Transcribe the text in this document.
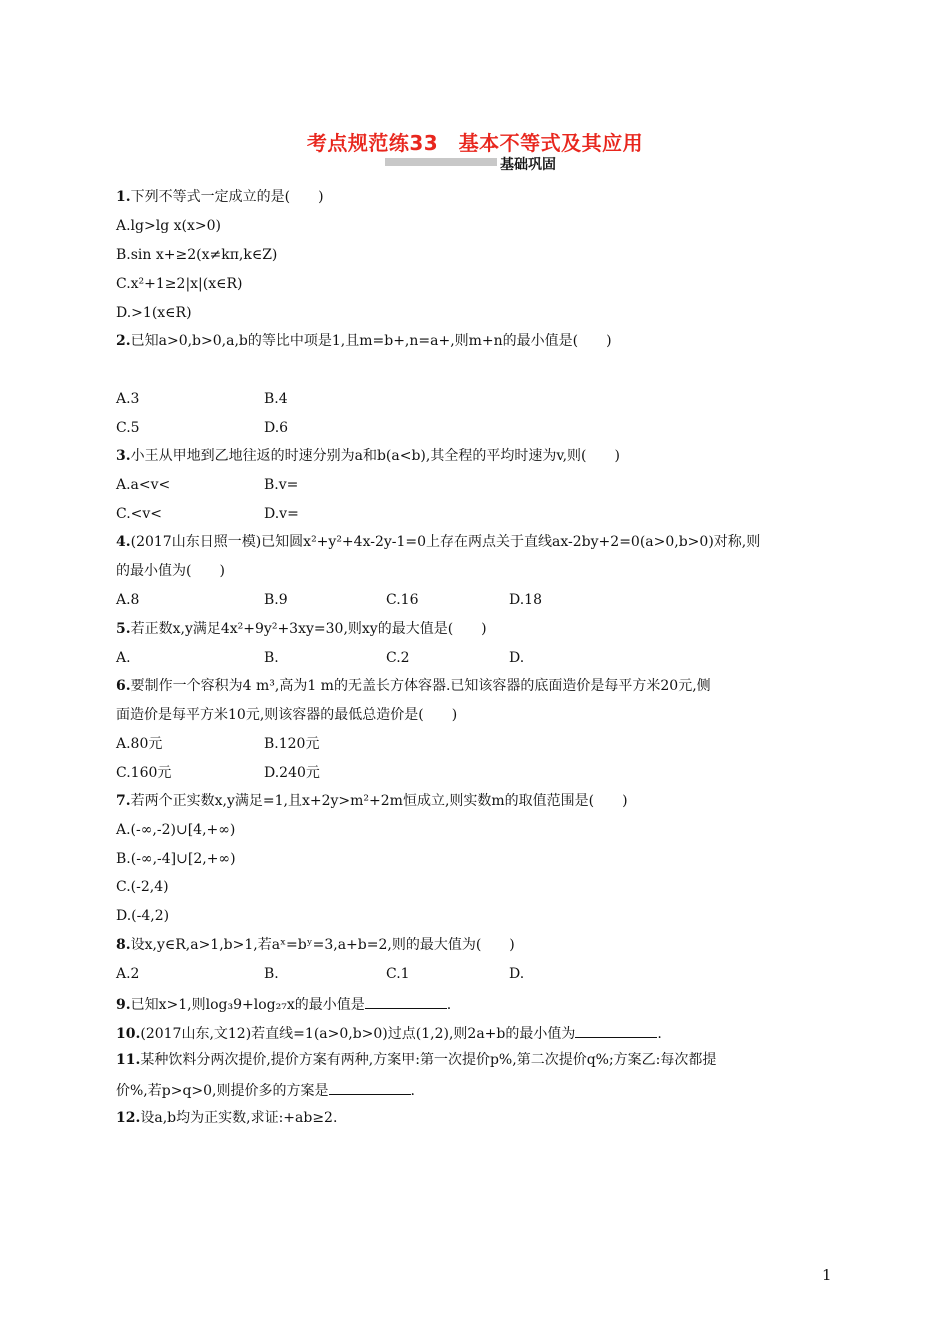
考点规范练33　基本不等式及其应用
基础巩固
1.下列不等式一定成立的是(　　)
A.lg>lg x(x>0)
B.sin x+≥2(x≠kπ,k∈Z)
C.x²+1≥2|x|(x∈R)
D.>1(x∈R)
2.已知a>0,b>0,a,b的等比中项是1,且m=b+,n=a+,则m+n的最小值是(　　)
A.3	B.4
C.5	D.6
3.小王从甲地到乙地往返的时速分别为a和b(a<b),其全程的平均时速为v,则(　　)
A.a<v<	B.v=
C.<v<	D.v=
4.(2017山东日照一模)已知圆x²+y²+4x-2y-1=0上存在两点关于直线ax-2by+2=0(a>0,b>0)对称,则
的最小值为(　　)
A.8	B.9	C.16	D.18
5.若正数x,y满足4x²+9y²+3xy=30,则xy的最大值是(　　)
A.	B.	C.2	D.
6.要制作一个容积为4 m³,高为1 m的无盖长方体容器.已知该容器的底面造价是每平方米20元,侧
面造价是每平方米10元,则该容器的最低总造价是(　　)
A.80元	B.120元
C.160元	D.240元
7.若两个正实数x,y满足=1,且x+2y>m²+2m恒成立,则实数m的取值范围是(　　)
A.(-∞,-2)∪[4,+∞)
B.(-∞,-4]∪[2,+∞)
C.(-2,4)
D.(-4,2)
8.设x,y∈R,a>1,b>1,若aˣ=bʸ=3,a+b=2,则的最大值为(　　)
A.2	B.	C.1	D.
9.已知x>1,则log₃9+log₂₇x的最小值是	.
10.(2017山东,文12)若直线=1(a>0,b>0)过点(1,2),则2a+b的最小值为	.
11.某种饮料分两次提价,提价方案有两种,方案甲:第一次提价p%,第二次提价q%;方案乙:每次都提
价%,若p>q>0,则提价多的方案是	.
12.设a,b均为正实数,求证:+ab≥2.
1
